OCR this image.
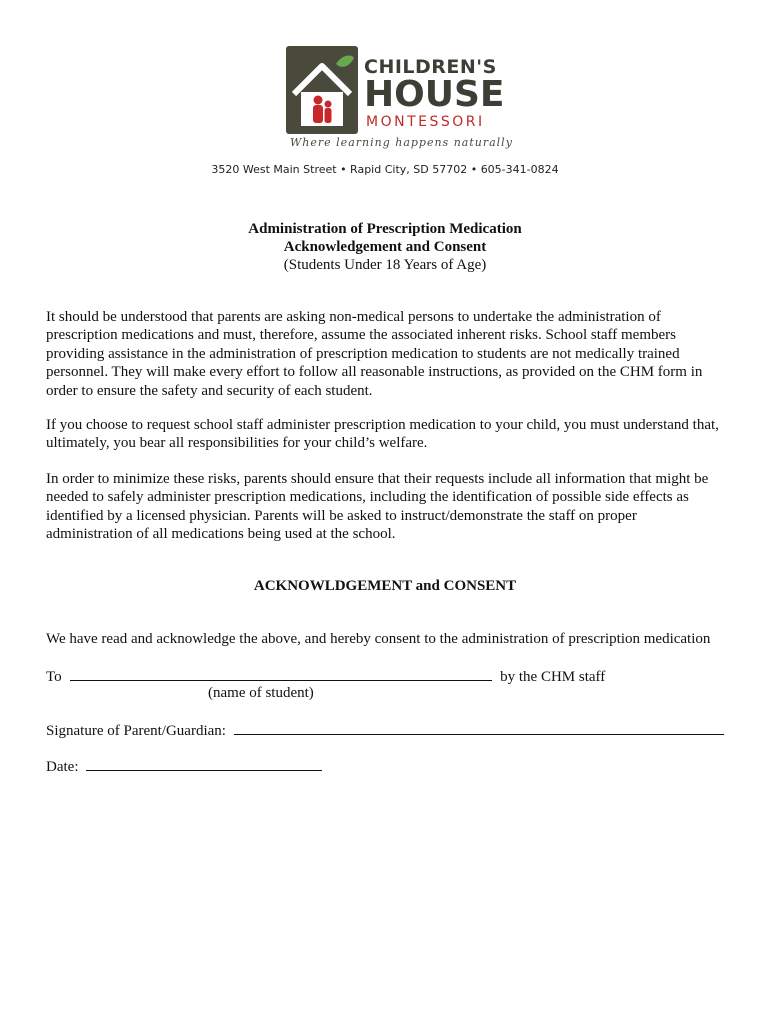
CHILDREN'S
HOUSE
MONTESSORI
Where learning happens naturally
3520 West Main Street • Rapid City, SD 57702 • 605-341-0824
Administration of Prescription Medication
Acknowledgement and Consent
(Students Under 18 Years of Age)
It should be understood that parents are asking non-medical persons to undertake the administration of
prescription medications and must, therefore, assume the associated inherent risks. School staff members
providing assistance in the administration of prescription medication to students are not medically trained
personnel. They will make every effort to follow all reasonable instructions, as provided on the CHM form in
order to ensure the safety and security of each student.
If you choose to request school staff administer prescription medication to your child, you must understand that,
ultimately, you bear all responsibilities for your child’s welfare.
In order to minimize these risks, parents should ensure that their requests include all information that might be
needed to safely administer prescription medications, including the identification of possible side effects as
identified by a licensed physician. Parents will be asked to instruct/demonstrate the staff on proper
administration of all medications being used at the school.
ACKNOWLDGEMENT and CONSENT
We have read and acknowledge the above, and hereby consent to the administration of prescription medication
To	by the CHM staff
(name of student)
Signature of Parent/Guardian:
Date:
